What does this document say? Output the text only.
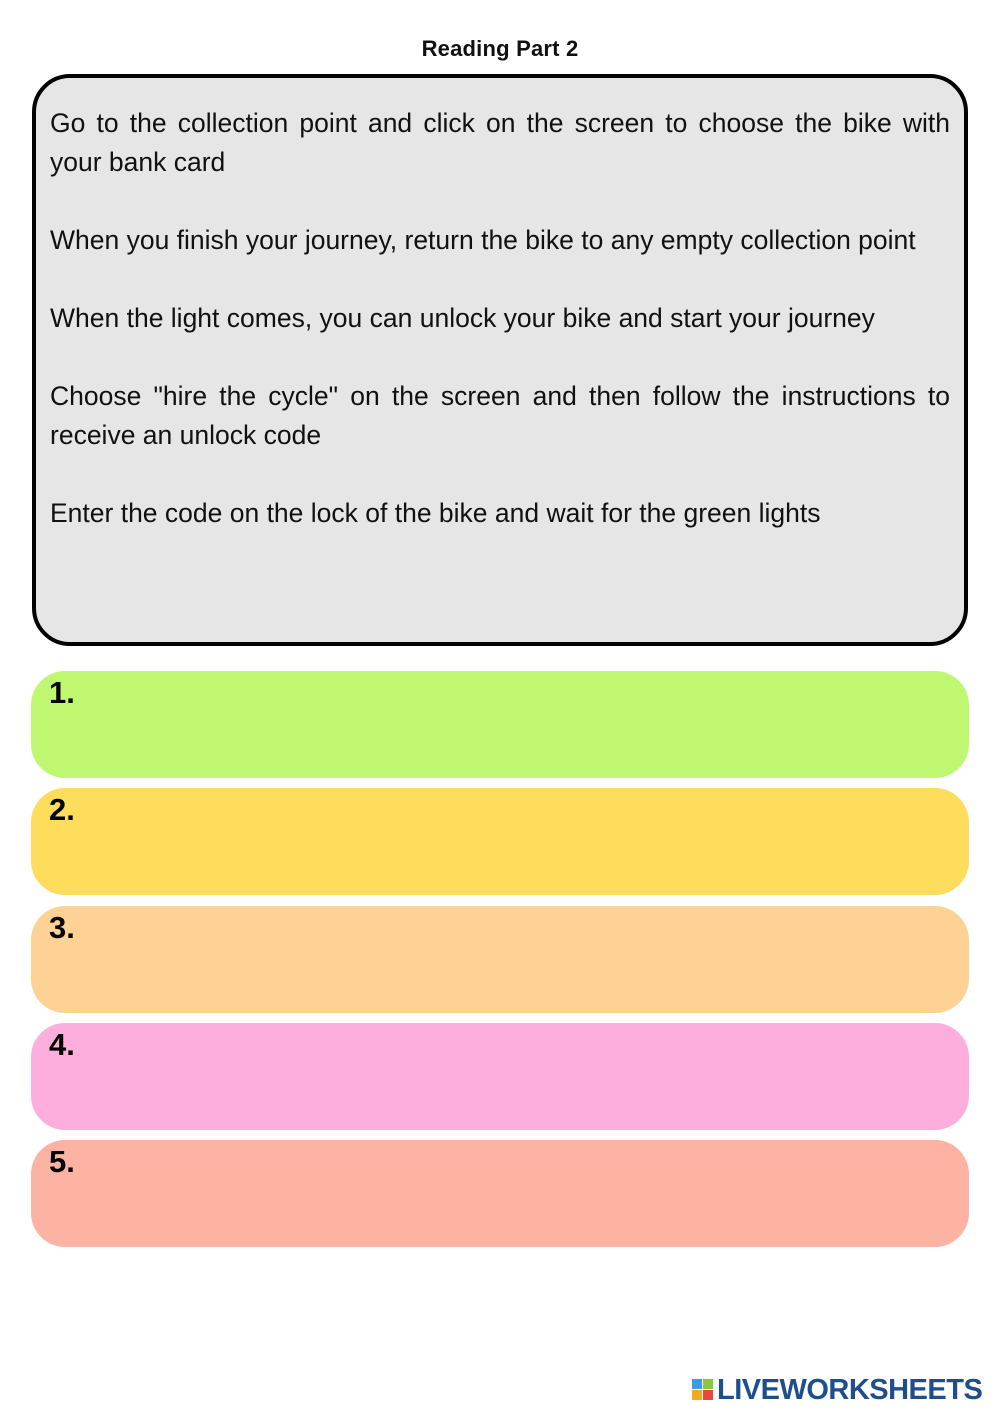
Reading Part 2

Go to the collection point and click on the screen to choose the bike with your bank card

When you finish your journey, return the bike to any empty collection point

When the light comes, you can unlock your bike and start your journey

Choose "hire the cycle" on the screen and then follow the instructions to receive an unlock code

Enter the code on the lock of the bike and wait for the green lights

1.
2.
3.
4.
5.
LIVEWORKSHEETS
